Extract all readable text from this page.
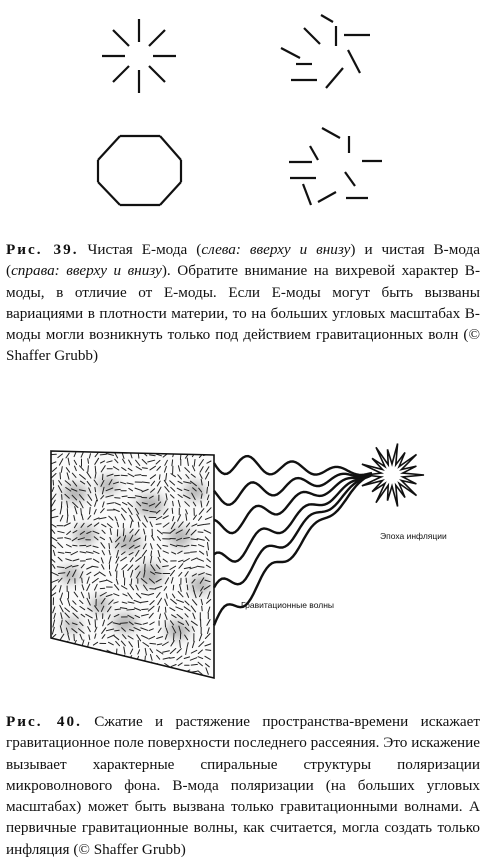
Рис. 39. Чистая E-мода (слева: вверху и внизу) и чистая B-мода (справа: вверху и внизу). Обратите внимание на вихревой характер B-моды, в отличие от E-моды. Если E-моды могут быть вызваны вариациями в плотности материи, то на больших угловых масштабах B-моды могли возникнуть только под действием гравитационных волн (© Shaffer Grubb)
Эпоха инфляции
Гравитационные волны
Рис. 40. Сжатие и растяжение пространства-времени искажает гравитационное поле поверхности последнего рассеяния. Это искажение вызывает характерные спиральные структуры поляризации микроволнового фона. B-мода поляризации (на больших угловых масштабах) может быть вызвана только гравитационными волнами. А первичные гравитационные волны, как считается, могла создать только инфляция (© Shaffer Grubb)
